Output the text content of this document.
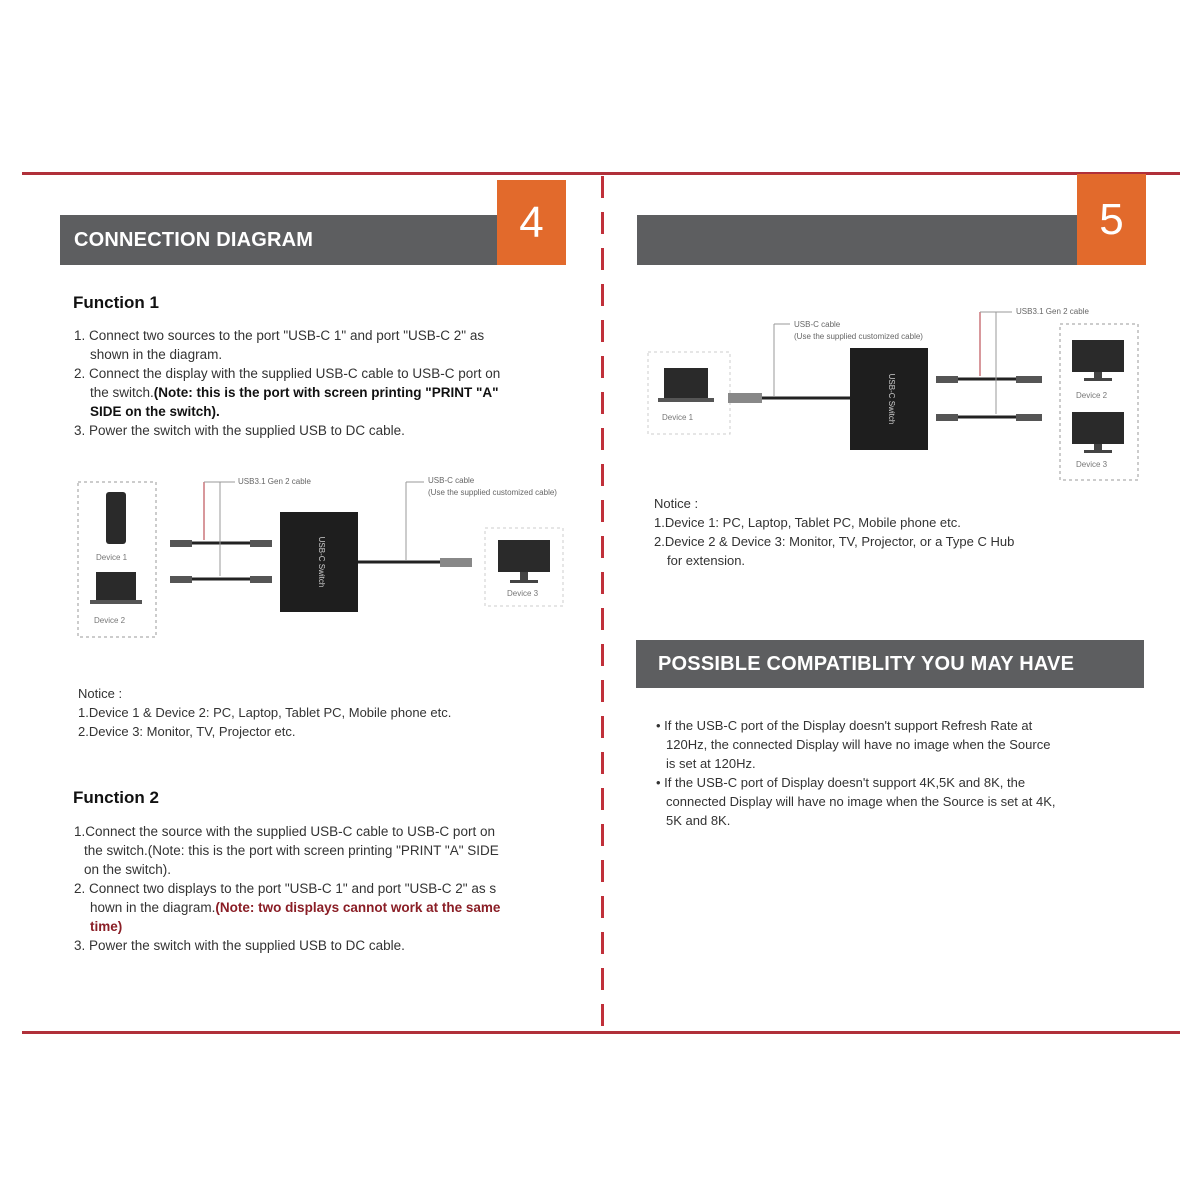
CONNECTION DIAGRAM	4
Function 1

1. Connect two sources to the port "USB-C 1" and port "USB-C 2" as

shown in the diagram.

2. Connect the display with the supplied USB-C cable to USB-C port on

the switch.(Note: this is the port with screen printing "PRINT "A"

SIDE on the switch).

3. Power the switch with the supplied USB to DC cable.

Device 1
Device 2
USB3.1 Gen 2 cable
USB-C Switch
USB-C cable
(Use the supplied customized cable)
Device 3

Notice :

1.Device 1 & Device 2: PC, Laptop, Tablet PC, Mobile phone etc.

2.Device 3: Monitor, TV, Projector etc.

Function 2

1.Connect the source with the supplied USB-C cable to USB-C port on

the switch.(Note: this is the port with screen printing "PRINT "A" SIDE

on the switch).

2. Connect two displays to the port "USB-C 1" and port "USB-C 2" as s

hown in the diagram.(Note: two displays cannot work at the same

time)

3. Power the switch with the supplied USB to DC cable.

5
Device 1
USB-C cable
(Use the supplied customized cable)
USB-C Switch
USB3.1 Gen 2 cable
Device 2
Device 3

Notice :

1.Device 1: PC, Laptop, Tablet PC, Mobile phone etc.

2.Device 2 & Device 3: Monitor, TV, Projector, or a Type C Hub

for extension.

POSSIBLE COMPATIBLITY YOU MAY HAVE

• If the USB-C port of the Display doesn't support Refresh Rate at

120Hz, the connected Display will have no image when the Source

is set at 120Hz.

• If the USB-C port of Display doesn't support 4K,5K and 8K, the

connected Display will have no image when the Source is set at 4K,

5K and 8K.
